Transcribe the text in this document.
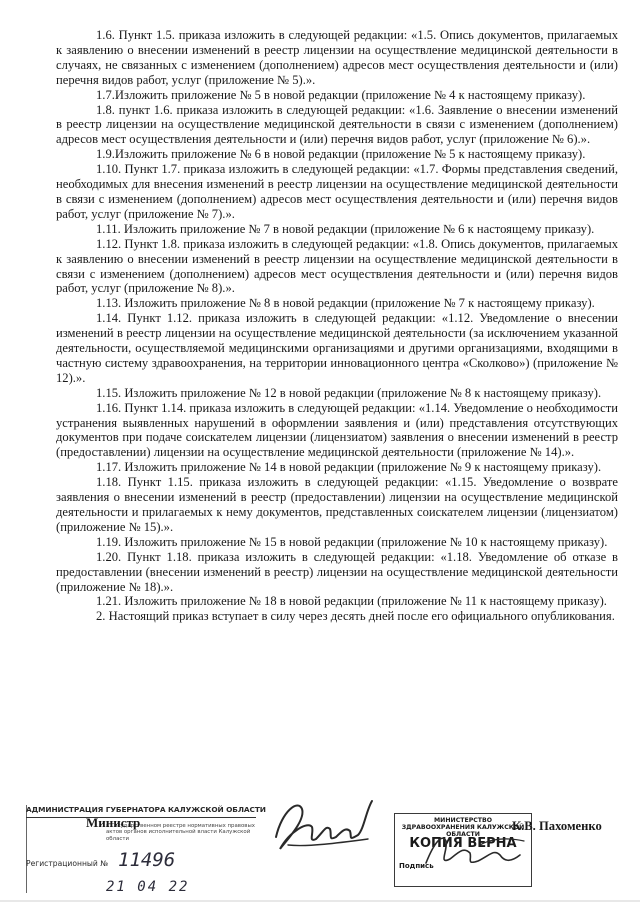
1.6. Пункт 1.5. приказа изложить в следующей редакции: «1.5. Опись документов, прилагаемых к заявлению о внесении изменений в реестр лицензии на осуществление медицинской деятельности в случаях, не связанных с изменением (дополнением) адресов мест осуществления деятельности и (или) перечня видов работ, услуг (приложение № 5).».

1.7.Изложить приложение № 5 в новой редакции (приложение № 4 к настоящему приказу).

1.8. пункт 1.6. приказа изложить в следующей редакции: «1.6. Заявление о внесении изменений в реестр лицензии на осуществление медицинской деятельности в связи с изменением (дополнением) адресов мест осуществления деятельности и (или) перечня видов работ, услуг (приложение № 6).».

1.9.Изложить приложение № 6 в новой редакции (приложение № 5 к настоящему приказу).

1.10. Пункт 1.7. приказа изложить в следующей редакции: «1.7. Формы представления сведений, необходимых для внесения изменений в реестр лицензии на осуществление медицинской деятельности в связи с изменением (дополнением) адресов мест осуществления деятельности и (или) перечня видов работ, услуг (приложение № 7).».

1.11. Изложить приложение № 7 в новой редакции (приложение № 6 к настоящему приказу).

1.12. Пункт 1.8. приказа изложить в следующей редакции: «1.8. Опись документов, прилагаемых к заявлению о внесении изменений в реестр лицензии на осуществление медицинской деятельности в связи с изменением (дополнением) адресов мест осуществления деятельности и (или) перечня видов работ, услуг (приложение № 8).».

1.13. Изложить приложение № 8 в новой редакции (приложение № 7 к настоящему приказу).

1.14. Пункт 1.12. приказа изложить в следующей редакции: «1.12. Уведомление о внесении изменений в реестр лицензии на осуществление медицинской деятельности (за исключением указанной деятельности, осуществляемой медицинскими организациями и другими организациями, входящими в частную систему здравоохранения, на территории инновационного центра «Сколково») (приложение № 12).».

1.15. Изложить приложение № 12 в новой редакции (приложение № 8 к настоящему приказу).

1.16. Пункт 1.14. приказа изложить в следующей редакции: «1.14. Уведомление о необходимости устранения выявленных нарушений в оформлении заявления и (или) представления отсутствующих документов при подаче соискателем лицензии (лицензиатом) заявления о внесении изменений в реестр (предоставлении) лицензии на осуществление медицинской деятельности (приложение № 14).».

1.17. Изложить приложение № 14 в новой редакции (приложение № 9 к настоящему приказу).

1.18. Пункт 1.15. приказа изложить в следующей редакции: «1.15. Уведомление о возврате заявления о внесении изменений в реестр (предоставлении) лицензии на осуществление медицинской деятельности и прилагаемых к нему документов, представленных соискателем лицензии (лицензиатом) (приложение № 15).».

1.19. Изложить приложение № 15 в новой редакции (приложение № 10 к настоящему приказу).

1.20. Пункт 1.18. приказа изложить в следующей редакции: «1.18. Уведомление об отказе в предоставлении (внесении изменений в реестр) лицензии на осуществление медицинской деятельности (приложение № 18).».

1.21. Изложить приложение № 18 в новой редакции (приложение № 11 к настоящему приказу).

2. Настоящий приказ вступает в силу через десять дней после его официального опубликования.

АДМИНИСТРАЦИЯ ГУБЕРНАТОРА КАЛУЖСКОЙ ОБЛАСТИ
в Государственном реестре нормативных правовых актов органов исполнительной власти Калужской области
Регистрационный № 11496
21 04 22
Министр	МИНИСТЕРСТВО ЗДРАВООХРАНЕНИЯ КАЛУЖСКОЙ ОБЛАСТИ
КОПИЯ ВЕРНА
Подпись
К.В. Пахоменко
